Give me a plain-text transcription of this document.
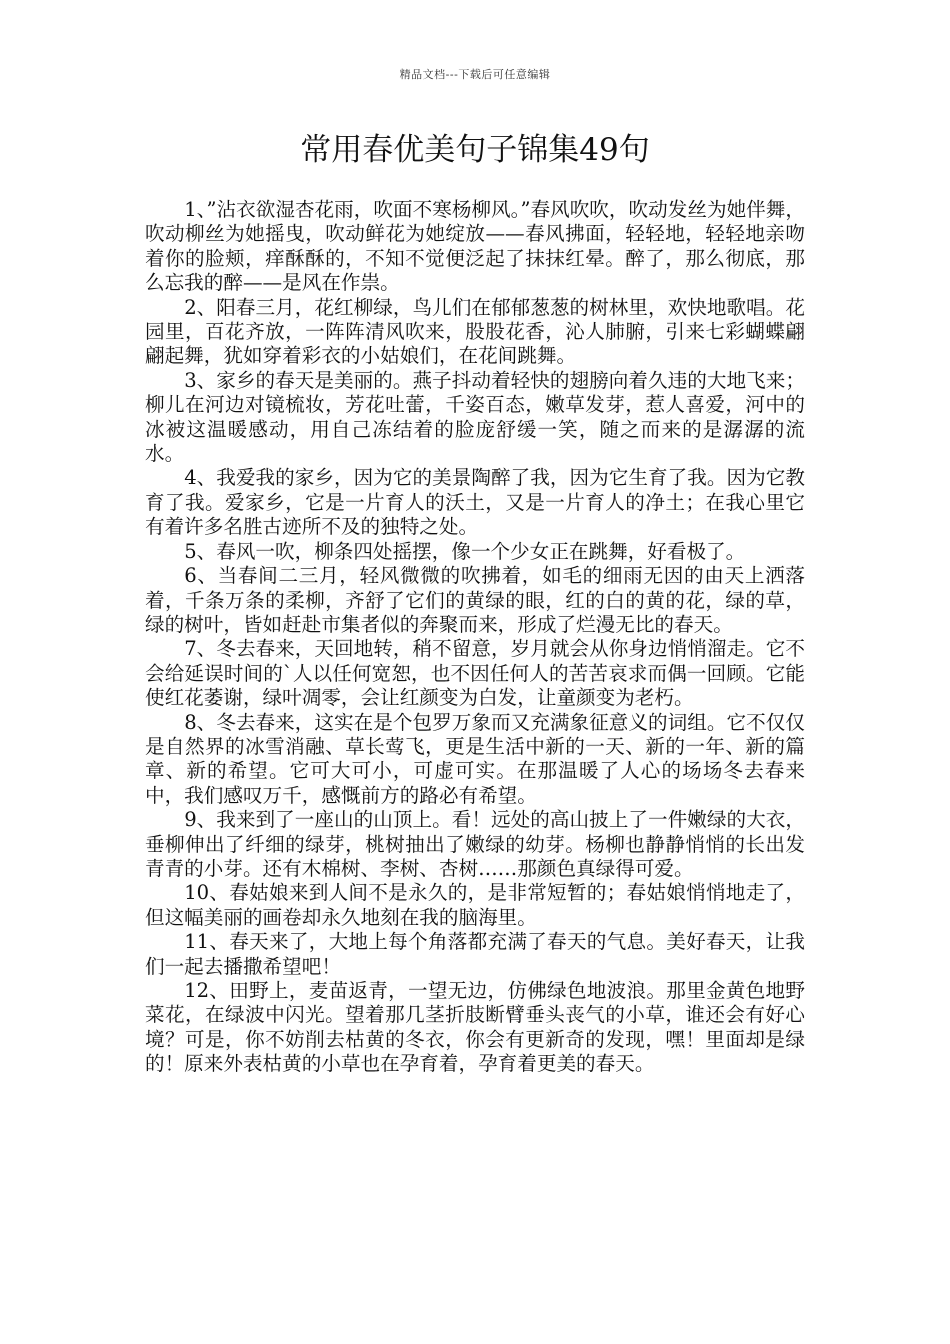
精品文档---下载后可任意编辑
常用春优美句子锦集49句

1、”沾衣欲湿杏花雨，吹面不寒杨柳风。”春风吹吹，吹动发丝为她伴舞，吹动柳丝为她摇曳，吹动鲜花为她绽放——春风拂面，轻轻地，轻轻地亲吻着你的脸颊，痒酥酥的，不知不觉便泛起了抹抹红晕。醉了，那么彻底，那么忘我的醉——是风在作祟。

2、阳春三月，花红柳绿，鸟儿们在郁郁葱葱的树林里，欢快地歌唱。花园里，百花齐放，一阵阵清风吹来，股股花香，沁人肺腑，引来七彩蝴蝶翩翩起舞，犹如穿着彩衣的小姑娘们，在花间跳舞。

3、家乡的春天是美丽的。燕子抖动着轻快的翅膀向着久违的大地飞来；柳儿在河边对镜梳妆，芳花吐蕾，千姿百态，嫩草发芽，惹人喜爱，河中的冰被这温暖感动，用自己冻结着的脸庞舒缓一笑，随之而来的是潺潺的流水。

4、我爱我的家乡，因为它的美景陶醉了我，因为它生育了我。因为它教育了我。爱家乡，它是一片育人的沃土，又是一片育人的净土；在我心里它有着许多名胜古迹所不及的独特之处。

5、春风一吹，柳条四处摇摆，像一个少女正在跳舞，好看极了。

6、当春间二三月，轻风微微的吹拂着，如毛的细雨无因的由天上洒落着，千条万条的柔柳，齐舒了它们的黄绿的眼，红的白的黄的花，绿的草，绿的树叶，皆如赶赴市集者似的奔聚而来，形成了烂漫无比的春天。

7、冬去春来，天回地转，稍不留意，岁月就会从你身边悄悄溜走。它不会给延误时间的`人以任何宽恕，也不因任何人的苦苦哀求而偶一回顾。它能使红花萎谢，绿叶凋零，会让红颜变为白发，让童颜变为老朽。

8、冬去春来，这实在是个包罗万象而又充满象征意义的词组。它不仅仅是自然界的冰雪消融、草长莺飞，更是生活中新的一天、新的一年、新的篇章、新的希望。它可大可小，可虚可实。在那温暖了人心的场场冬去春来中，我们感叹万千，感慨前方的路必有希望。

9、我来到了一座山的山顶上。看！远处的高山披上了一件嫩绿的大衣，垂柳伸出了纤细的绿芽，桃树抽出了嫩绿的幼芽。杨柳也静静悄悄的长出发青青的小芽。还有木棉树、李树、杏树……那颜色真绿得可爱。

10、春姑娘来到人间不是永久的，是非常短暂的；春姑娘悄悄地走了，但这幅美丽的画卷却永久地刻在我的脑海里。

11、春天来了，大地上每个角落都充满了春天的气息。美好春天，让我们一起去播撒希望吧！

12、田野上，麦苗返青，一望无边，仿佛绿色地波浪。那里金黄色地野菜花，在绿波中闪光。望着那几茎折肢断臂垂头丧气的小草，谁还会有好心境？可是，你不妨削去枯黄的冬衣，你会有更新奇的发现，嘿！里面却是绿的！原来外表枯黄的小草也在孕育着，孕育着更美的春天。
